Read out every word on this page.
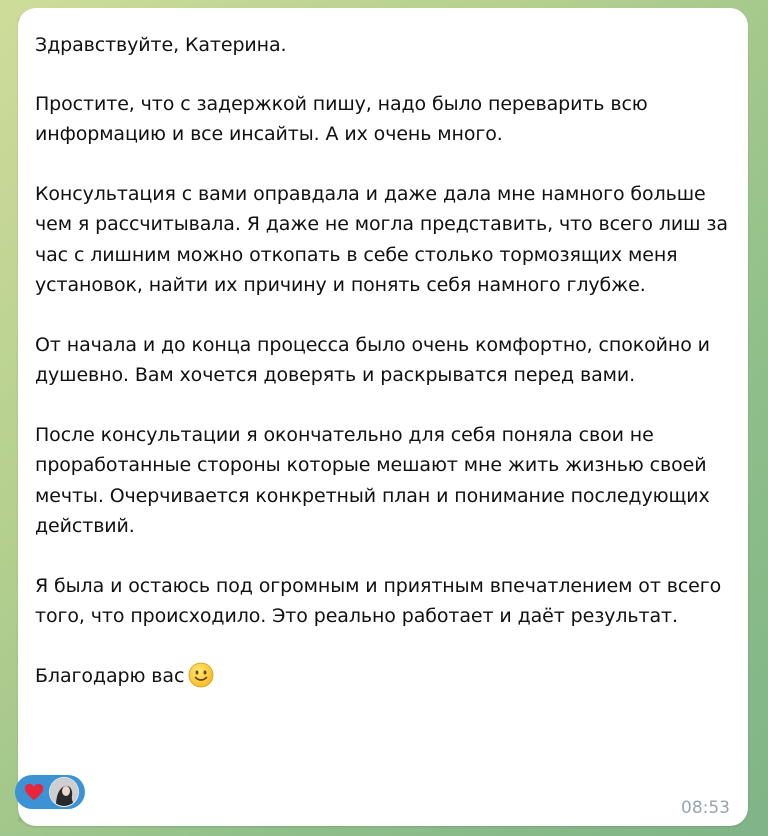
Здравствуйте, Катерина.

Простите, что с задержкой пишу, надо было переварить всю информацию и все инсайты. А их очень много.

Консультация с вами оправдала и даже дала мне намного больше чем я рассчитывала. Я даже не могла представить, что всего лиш за час с лишним можно откопать в себе столько тормозящих меня установок, найти их причину и понять себя намного глубже.

От начала и до конца процесса было очень комфортно, спокойно и душевно. Вам хочется доверять и раскрыватся перед вами.

После консультации я окончательно для себя поняла свои не проработанные стороны которые мешают мне жить жизнью своей мечты. Очерчивается конкретный план и понимание последующих действий.

Я была и остаюсь под огромным и приятным впечатлением от всего того, что происходило. Это реально работает и даёт результат.

Благодарю вас

08:53
